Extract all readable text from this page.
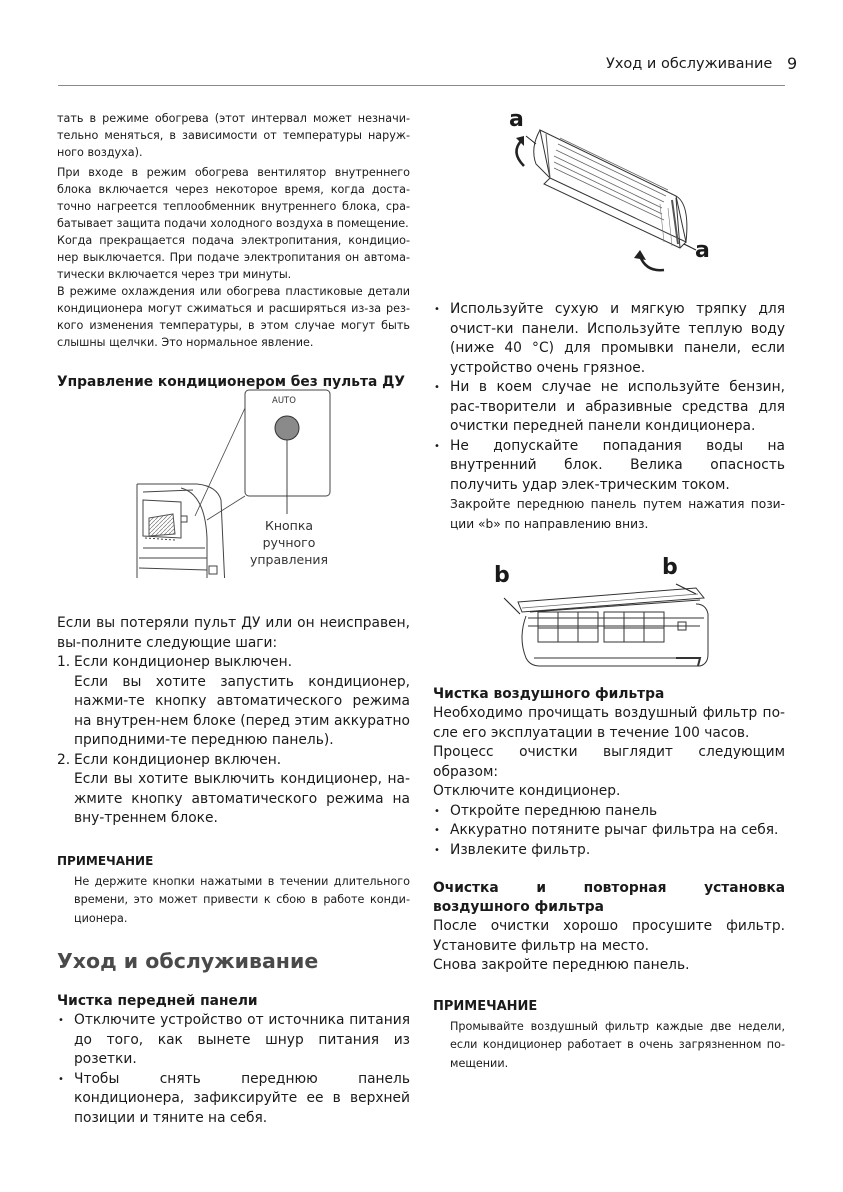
Уход и обслуживание 9

тать в режиме обогрева (этот интервал может незначи-тельно меняться, в зависимости от температуры наруж-ного воздуха).

При входе в режим обогрева вентилятор внутреннего блока включается через некоторое время, когда доста-точно нагреется теплообменник внутреннего блока, сра-батывает защита подачи холодного воздуха в помещение.

Когда прекращается подача электропитания, кондицио-нер выключается. При подаче электропитания он автома-тически включается через три минуты.

В режиме охлаждения или обогрева пластиковые детали кондиционера могут сжиматься и расширяться из-за рез-кого изменения температуры, в этом случае могут быть слышны щелчки. Это нормальное явление.

Управление кондиционером без пульта ДУ
AUTO
Кнопка
ручного
управления

Если вы потеряли пульт ДУ или он неисправен, вы-полните следующие шаги:

1. Если кондиционер выключен.
Если вы хотите запустить кондиционер, нажми-те кнопку автоматического режима на внутрен-нем блоке (перед этим аккуратно приподними-те переднюю панель).
2. Если кондиционер включен.
Если вы хотите выключить кондиционер, на-жмите кнопку автоматического режима на вну-треннем блоке.
ПРИМЕЧАНИЕ

Не держите кнопки нажатыми в течении длительного времени, это может привести к сбою в работе конди-ционера.

Уход и обслуживание
Чистка передней панели
• Отключите устройство от источника питания до того, как вынете шнур питания из розетки.
• Чтобы снять переднюю панель кондиционера, зафиксируйте ее в верхней позиции и тяните на себя.
a
a
• Используйте сухую и мягкую тряпку для очист-ки панели. Используйте теплую воду (ниже 40 °C) для промывки панели, если устройство очень грязное.
• Ни в коем случае не используйте бензин, рас-творители и абразивные средства для очистки передней панели кондиционера.
• Не допускайте попадания воды на внутренний блок. Велика опасность получить удар элек-трическим током.

Закройте переднюю панель путем нажатия пози-ции «b» по направлению вниз.

b	b
Чистка воздушного фильтра

Необходимо прочищать воздушный фильтр по-сле его эксплуатации в течение 100 часов.

Процесс очистки выглядит следующим образом:

Отключите кондиционер.

• Откройте переднюю панель
• Аккуратно потяните рычаг фильтра на себя.
• Извлеките фильтр.
Очистка и повторная установка воздушного фильтра

После очистки хорошо просушите фильтр.

Установите фильтр на место.

Снова закройте переднюю панель.

ПРИМЕЧАНИЕ

Промывайте воздушный фильтр каждые две недели, если кондиционер работает в очень загрязненном по-мещении.
